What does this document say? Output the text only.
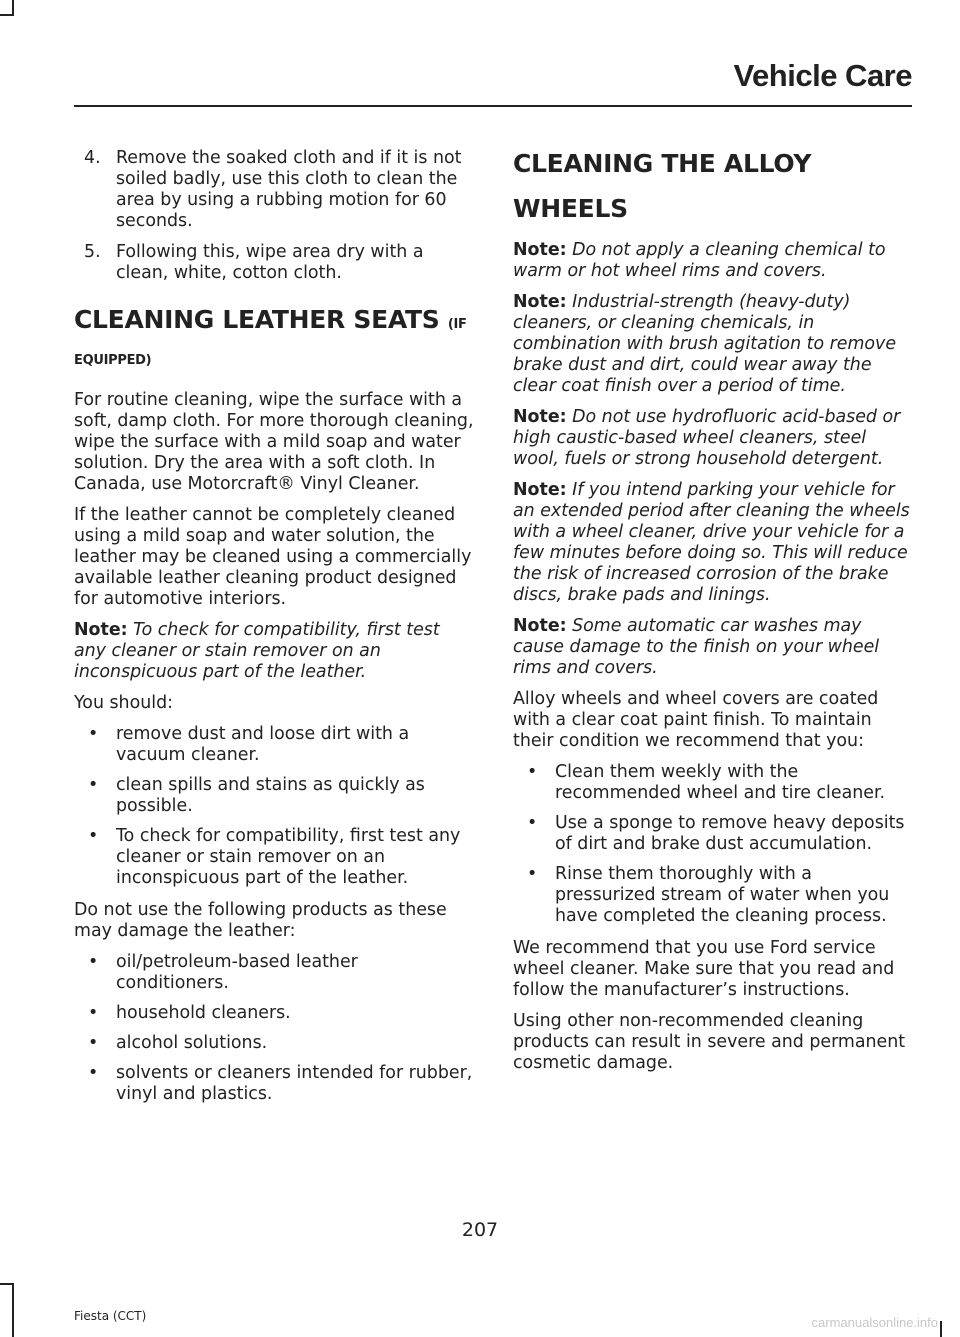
Vehicle Care
4. Remove the soaked cloth and if it is not soiled badly, use this cloth to clean the area by using a rubbing motion for 60 seconds.
5. Following this, wipe area dry with a clean, white, cotton cloth.
CLEANING LEATHER SEATS (IF
EQUIPPED)

For routine cleaning, wipe the surface with a soft, damp cloth. For more thorough cleaning, wipe the surface with a mild soap and water solution. Dry the area with a soft cloth. In Canada, use Motorcraft® Vinyl Cleaner.

If the leather cannot be completely cleaned using a mild soap and water solution, the leather may be cleaned using a commercially available leather cleaning product designed for automotive interiors.

Note: To check for compatibility, first test any cleaner or stain remover on an inconspicuous part of the leather.

You should:

• remove dust and loose dirt with a vacuum cleaner.
• clean spills and stains as quickly as possible.
• To check for compatibility, first test any cleaner or stain remover on an inconspicuous part of the leather.

Do not use the following products as these may damage the leather:

• oil/petroleum-based leather conditioners.
• household cleaners.
• alcohol solutions.
• solvents or cleaners intended for rubber, vinyl and plastics.
CLEANING THE ALLOY
WHEELS

Note: Do not apply a cleaning chemical to warm or hot wheel rims and covers.

Note: Industrial-strength (heavy-duty) cleaners, or cleaning chemicals, in combination with brush agitation to remove brake dust and dirt, could wear away the clear coat finish over a period of time.

Note: Do not use hydrofluoric acid-based or high caustic-based wheel cleaners, steel wool, fuels or strong household detergent.

Note: If you intend parking your vehicle for an extended period after cleaning the wheels with a wheel cleaner, drive your vehicle for a few minutes before doing so. This will reduce the risk of increased corrosion of the brake discs, brake pads and linings.

Note: Some automatic car washes may cause damage to the finish on your wheel rims and covers.

Alloy wheels and wheel covers are coated with a clear coat paint finish. To maintain their condition we recommend that you:

• Clean them weekly with the recommended wheel and tire cleaner.
• Use a sponge to remove heavy deposits of dirt and brake dust accumulation.
• Rinse them thoroughly with a pressurized stream of water when you have completed the cleaning process.

We recommend that you use Ford service wheel cleaner. Make sure that you read and follow the manufacturer’s instructions.

Using other non-recommended cleaning products can result in severe and permanent cosmetic damage.

207
Fiesta (CCT)	carmanualsonline.info
